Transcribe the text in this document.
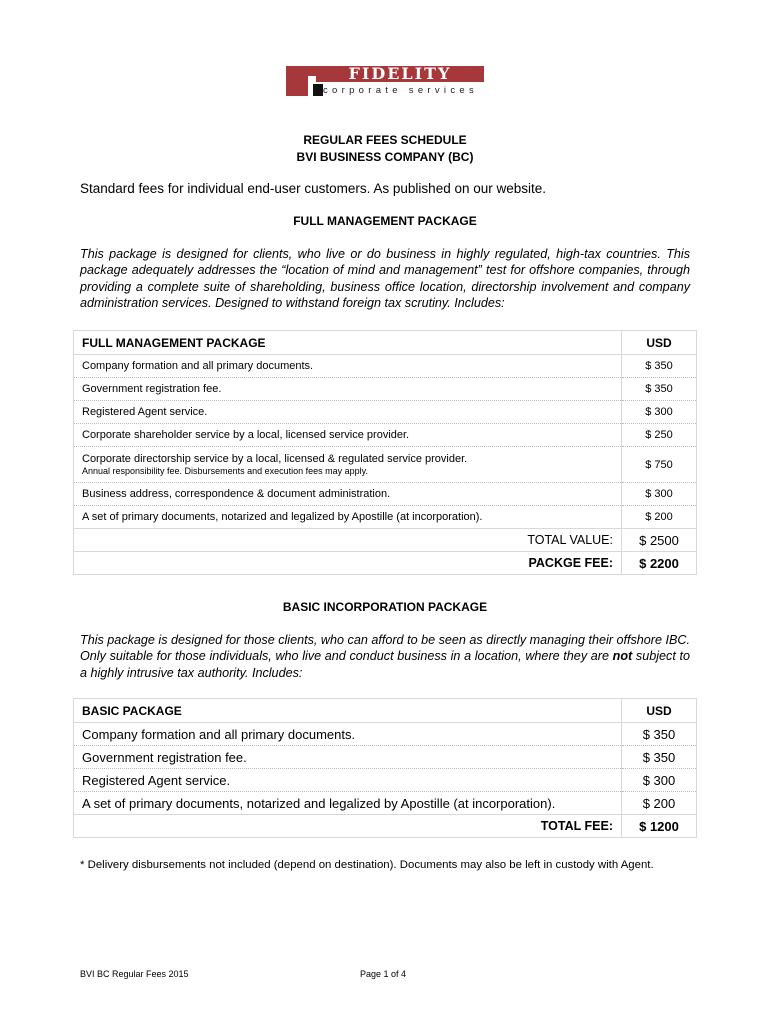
FIDELITY
corporate services
REGULAR FEES SCHEDULE
BVI BUSINESS COMPANY (BC)
Standard fees for individual end-user customers. As published on our website.
FULL MANAGEMENT PACKAGE
This package is designed for clients, who live or do business in highly regulated, high-tax countries. This package adequately addresses the “location of mind and management” test for offshore companies, through providing a complete suite of shareholding, business office location, directorship involvement and company administration services. Designed to withstand foreign tax scrutiny. Includes:
FULL MANAGEMENT PACKAGE	USD
Company formation and all primary documents.	$ 350
Government registration fee.	$ 350
Registered Agent service.	$ 300
Corporate shareholder service by a local, licensed service provider.	$ 250

Corporate directorship service by a local, licensed & regulated service provider.
Annual responsibility fee. Disbursements and execution fees may apply.	$ 750
Business address, correspondence & document administration.	$ 300
A set of primary documents, notarized and legalized by Apostille (at incorporation).	$ 200
TOTAL VALUE:	$ 2500
PACKGE FEE:	$ 2200
BASIC INCORPORATION PACKAGE
This package is designed for those clients, who can afford to be seen as directly managing their offshore IBC. Only suitable for those individuals, who live and conduct business in a location, where they are not subject to a highly intrusive tax authority. Includes:
BASIC PACKAGE	USD
Company formation and all primary documents.	$ 350
Government registration fee.	$ 350
Registered Agent service.	$ 300
A set of primary documents, notarized and legalized by Apostille (at incorporation).	$ 200
TOTAL FEE:	$ 1200
* Delivery disbursements not included (depend on destination). Documents may also be left in custody with Agent.
BVI BC Regular Fees 2015	Page 1 of 4
